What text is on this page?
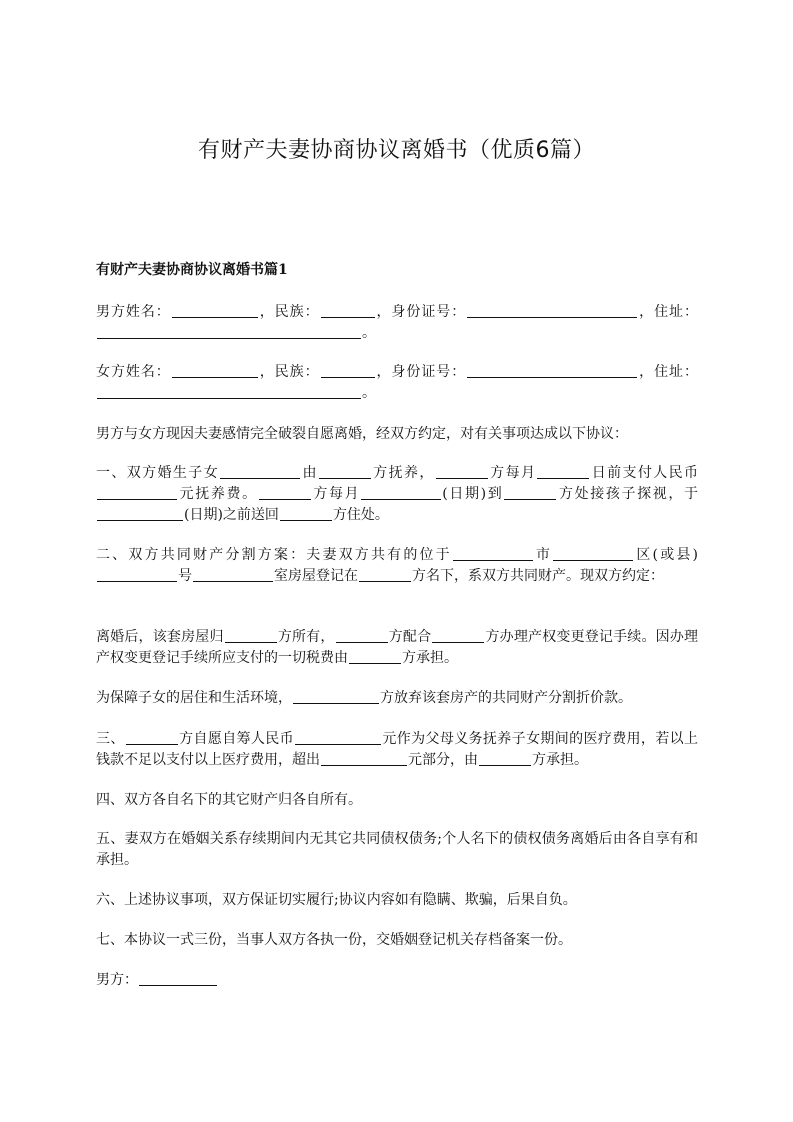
有财产夫妻协商协议离婚书（优质6篇）
有财产夫妻协商协议离婚书篇1

男方姓名：	，民族：	，身份证号：	，住址：。

女方姓名：	，民族：	，身份证号：	，住址：。

男方与女方现因夫妻感情完全破裂自愿离婚，经双方约定，对有关事项达成以下协议：

一、双方婚生子女	由	方抚养，	方每月	日前支付人民币元抚养费。	方每月	(日期)到	方处接孩子探视，于(日期)之前送回	方住处。

二、双方共同财产分割方案：夫妻双方共有的位于	市	区(或县)号	室房屋登记在	方名下，系双方共同财产。现双方约定：

离婚后，该套房屋归	方所有，	方配合	方办理产权变更登记手续。因办理产权变更登记手续所应支付的一切税费由	方承担。

为保障子女的居住和生活环境，	方放弃该套房产的共同财产分割折价款。

三、	方自愿自筹人民币	元作为父母义务抚养子女期间的医疗费用，若以上钱款不足以支付以上医疗费用，超出	元部分，由	方承担。

四、双方各自名下的其它财产归各自所有。

五、妻双方在婚姻关系存续期间内无其它共同债权债务;个人名下的债权债务离婚后由各自享有和承担。

六、上述协议事项，双方保证切实履行;协议内容如有隐瞒、欺骗，后果自负。

七、本协议一式三份，当事人双方各执一份，交婚姻登记机关存档备案一份。

男方：
